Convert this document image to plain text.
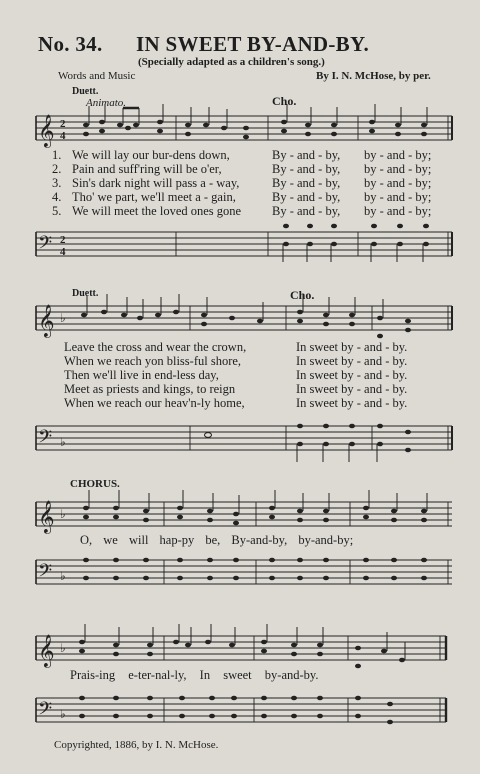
No. 34. IN SWEET BY-AND-BY.
(Specially adapted as a children's song.)
Words and Music	By I. N. McHose, by per.
Duett.
Animato.	Cho.
𝄞 2
4
1. We will lay our bur-dens down,	By - and - by, by - and - by;
2. Pain and suff'ring will be o'er,	By - and - by, by - and - by;
3. Sin's dark night will pass a - way,	By - and - by, by - and - by;
4. Tho' we part, we'll meet a - gain,	By - and - by, by - and - by;
5. We will meet the loved ones gone By - and - by, by - and - by;
𝄢 2
4
Duett.	Cho.
𝄞 ♭
Leave the cross and wear the crown,	In sweet by - and - by.
When we reach yon bliss-ful shore,	In sweet by - and - by.
Then we'll live in end-less day,	In sweet by - and - by.
Meet as priests and kings, to reign	In sweet by - and - by.
When we reach our heav'n-ly home,	In sweet by - and - by.
𝄢 ♭
CHORUS.
𝄞 ♭
O, we will hap-py be, By-and-by, by-and-by;
𝄢 ♭
𝄞 ♭
Prais-ing e-ter-nal-ly, In sweet by-and-by.
𝄢 ♭
Copyrighted, 1886, by I. N. McHose.
